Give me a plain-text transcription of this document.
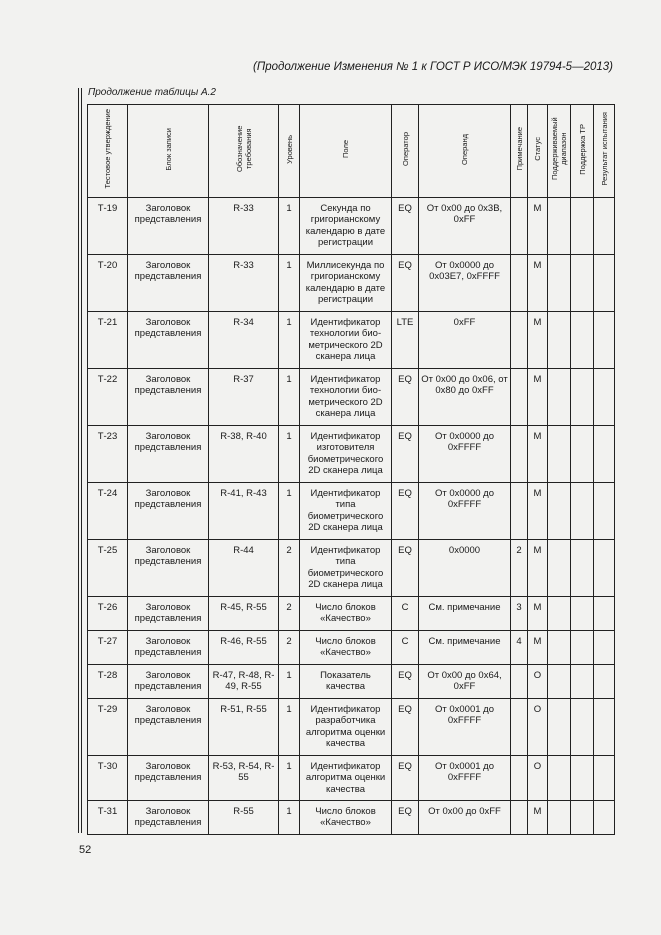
(Продолжение Изменения № 1 к ГОСТ Р ИСО/МЭК 19794-5—2013)
Продолжение таблицы А.2
Тестовое утверждение	Блок записи	Обозначение требования	Уровень	Поле	Оператор	Операнд	Примечание	Статус	Поддерживаемый диапазон	Поддержка ТР	Результат испытания
Т-19	Заголовок представления	R-33	1	Секунда по григорианскому календарю в дате регистрации	EQ	От 0x00 до 0x3B, 0xFF		M			
Т-20	Заголовок представления	R-33	1	Миллисекунда по григорианскому календарю в дате регистрации	EQ	От 0x0000 до 0x03E7, 0xFFFF		M			
Т-21	Заголовок представления	R-34	1	Идентификатор технологии био-метрического 2D сканера лица	LTE	0xFF		M			
Т-22	Заголовок представления	R-37	1	Идентификатор технологии био-метрического 2D сканера лица	EQ	От 0x00 до 0x06, от 0x80 до 0xFF		M			
Т-23	Заголовок представления	R-38, R-40	1	Идентификатор изготовителя биометрического 2D сканера лица	EQ	От 0x0000 до 0xFFFF		M			
Т-24	Заголовок представления	R-41, R-43	1	Идентификатор типа биометрического 2D сканера лица	EQ	От 0x0000 до 0xFFFF		M			
Т-25	Заголовок представления	R-44	2	Идентификатор типа биометрического 2D сканера лица	EQ	0x0000	2	M			
Т-26	Заголовок представления	R-45, R-55	2	Число блоков «Качество»	C	См. примечание	3	M			
Т-27	Заголовок представления	R-46, R-55	2	Число блоков «Качество»	C	См. примечание	4	M			
Т-28	Заголовок представления	R-47, R-48, R-49, R-55	1	Показатель качества	EQ	От 0x00 до 0x64, 0xFF		O			
Т-29	Заголовок представления	R-51, R-55	1	Идентификатор разработчика алгоритма оценки качества	EQ	От 0x0001 до 0xFFFF		O			
Т-30	Заголовок представления	R-53, R-54, R-55	1	Идентификатор алгоритма оценки качества	EQ	От 0x0001 до 0xFFFF		O			
Т-31	Заголовок представления	R-55	1	Число блоков «Качество»	EQ	От 0x00 до 0xFF		M			
52
